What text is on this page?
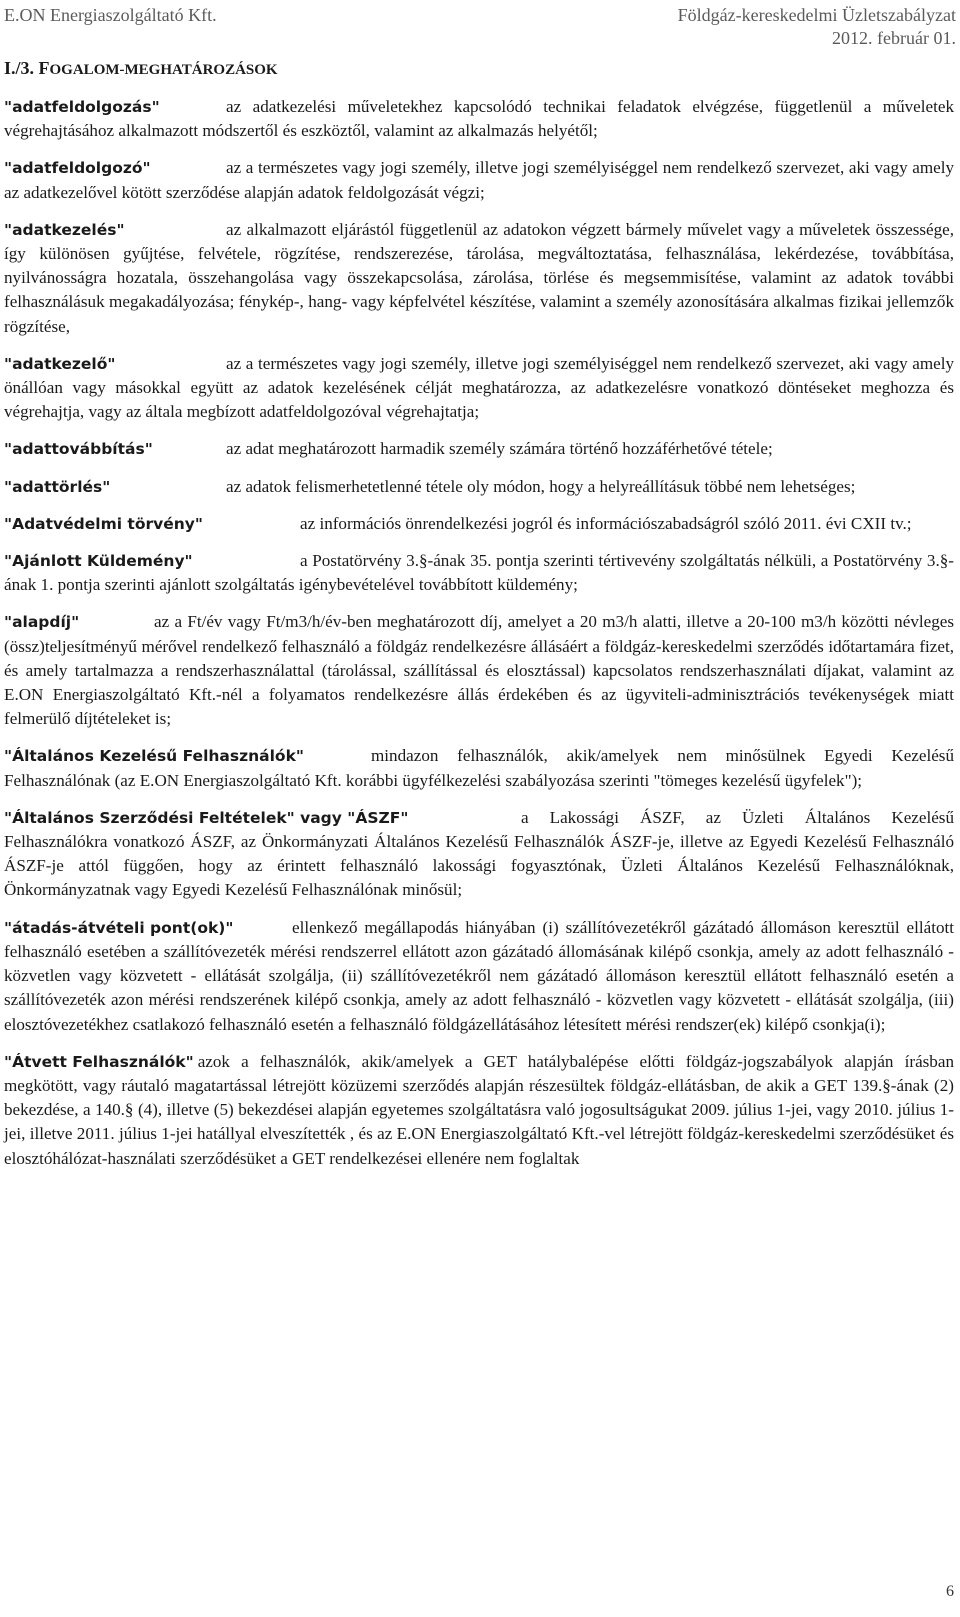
E.ON Energiaszolgáltató Kft.	Földgáz-kereskedelmi Üzletszabályzat
2012. február 01.
I./3. FOGALOM-MEGHATÁROZÁSOK

"adatfeldolgozás"	az adatkezelési műveletekhez kapcsolódó technikai feladatok elvégzése, függetlenül a műveletek végrehajtásához alkalmazott módszertől és eszköztől, valamint az alkalmazás helyétől;

"adatfeldolgozó"	az a természetes vagy jogi személy, illetve jogi személyiséggel nem rendelkező szervezet, aki vagy amely az adatkezelővel kötött szerződése alapján adatok feldolgozását végzi;

"adatkezelés"	az alkalmazott eljárástól függetlenül az adatokon végzett bármely művelet vagy a műveletek összessége, így különösen gyűjtése, felvétele, rögzítése, rendszerezése, tárolása, megváltoztatása, felhasználása, lekérdezése, továbbítása, nyilvánosságra hozatala, összehangolása vagy összekapcsolása, zárolása, törlése és megsemmisítése, valamint az adatok további felhasználásuk megakadályozása; fénykép-, hang- vagy képfelvétel készítése, valamint a személy azonosítására alkalmas fizikai jellemzők rögzítése,

"adatkezelő"	az a természetes vagy jogi személy, illetve jogi személyiséggel nem rendelkező szervezet, aki vagy amely önállóan vagy másokkal együtt az adatok kezelésének célját meghatározza, az adatkezelésre vonatkozó döntéseket meghozza és végrehajtja, vagy az általa megbízott adatfeldolgozóval végrehajtatja;

"adattovábbítás"	az adat meghatározott harmadik személy számára történő hozzáférhetővé tétele;

"adattörlés"	az adatok felismerhetetlenné tétele oly módon, hogy a helyreállításuk többé nem lehetséges;

"Adatvédelmi törvény"	az információs önrendelkezési jogról és információszabadságról szóló 2011. évi CXII tv.;

"Ajánlott Küldemény"	a Postatörvény 3.§-ának 35. pontja szerinti tértivevény szolgáltatás nélküli, a Postatörvény 3.§-ának 1. pontja szerinti ajánlott szolgáltatás igénybevételével továbbított küldemény;

"alapdíj"	az a Ft/év vagy Ft/m3/h/év-ben meghatározott díj, amelyet a 20 m3/h alatti, illetve a 20-100 m3/h közötti névleges (össz)teljesítményű mérővel rendelkező felhasználó a földgáz rendelkezésre állásáért a földgáz-kereskedelmi szerződés időtartamára fizet, és amely tartalmazza a rendszerhasználattal (tárolással, szállítással és elosztással) kapcsolatos rendszerhasználati díjakat, valamint az E.ON Energiaszolgáltató Kft.-nél a folyamatos rendelkezésre állás érdekében és az ügyviteli-adminisztrációs tevékenységek miatt felmerülő díjtételeket is;

"Általános Kezelésű Felhasználók"	mindazon felhasználók, akik/amelyek nem minősülnek Egyedi Kezelésű Felhasználónak (az E.ON Energiaszolgáltató Kft. korábbi ügyfélkezelési szabályozása szerinti "tömeges kezelésű ügyfelek");

"Általános Szerződési Feltételek" vagy "ÁSZF"	a Lakossági ÁSZF, az Üzleti Általános Kezelésű Felhasználókra vonatkozó ÁSZF, az Önkormányzati Általános Kezelésű Felhasználók ÁSZF-je, illetve az Egyedi Kezelésű Felhasználó ÁSZF-je attól függően, hogy az érintett felhasználó lakossági fogyasztónak, Üzleti Általános Kezelésű Felhasználóknak, Önkormányzatnak vagy Egyedi Kezelésű Felhasználónak minősül;

"átadás-átvételi pont(ok)"	ellenkező megállapodás hiányában (i) szállítóvezetékről gázátadó állomáson keresztül ellátott felhasználó esetében a szállítóvezeték mérési rendszerrel ellátott azon gázátadó állomásának kilépő csonkja, amely az adott felhasználó - közvetlen vagy közvetett - ellátását szolgálja, (ii) szállítóvezetékről nem gázátadó állomáson keresztül ellátott felhasználó esetén a szállítóvezeték azon mérési rendszerének kilépő csonkja, amely az adott felhasználó - közvetlen vagy közvetett - ellátását szolgálja, (iii) elosztóvezetékhez csatlakozó felhasználó esetén a felhasználó földgázellátásához létesített mérési rendszer(ek) kilépő csonkja(i);

"Átvett Felhasználók" azok a felhasználók, akik/amelyek a GET hatálybalépése előtti földgáz-jogszabályok alapján írásban megkötött, vagy ráutaló magatartással létrejött közüzemi szerződés alapján részesültek földgáz-ellátásban, de akik a GET 139.§-ának (2) bekezdése, a 140.§ (4), illetve (5) bekezdései alapján egyetemes szolgáltatásra való jogosultságukat 2009. július 1-jei, vagy 2010. július 1-jei, illetve 2011. július 1-jei hatállyal elveszítették , és az E.ON Energiaszolgáltató Kft.-vel létrejött földgáz-kereskedelmi szerződésüket és elosztóhálózat-használati szerződésüket a GET rendelkezései ellenére nem foglaltak

6
